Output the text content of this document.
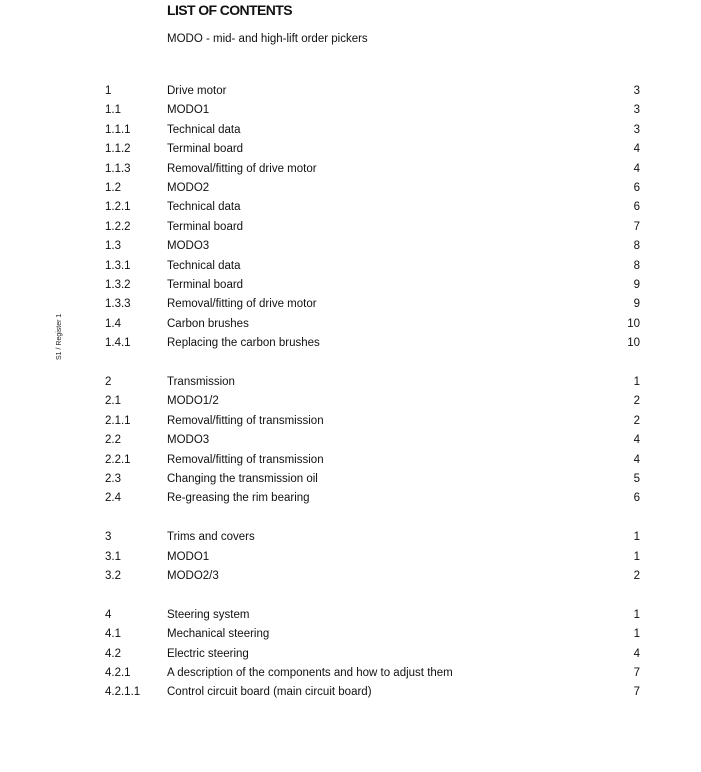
LIST OF CONTENTS
MODO - mid- and high-lift order pickers
S1 / Register 1
1	Drive motor	3
1.1	MODO1	3
1.1.1	Technical data	3
1.1.2	Terminal board	4
1.1.3	Removal/fitting of drive motor	4
1.2	MODO2	6
1.2.1	Technical data	6
1.2.2	Terminal board	7
1.3	MODO3	8
1.3.1	Technical data	8
1.3.2	Terminal board	9
1.3.3	Removal/fitting of drive motor	9
1.4	Carbon brushes	10
1.4.1	Replacing the carbon brushes	10
2	Transmission	1
2.1	MODO1/2	2
2.1.1	Removal/fitting of transmission	2
2.2	MODO3	4
2.2.1	Removal/fitting of transmission	4
2.3	Changing the transmission oil	5
2.4	Re-greasing the rim bearing	6
3	Trims and covers	1
3.1	MODO1	1
3.2	MODO2/3	2
4	Steering system	1
4.1	Mechanical steering	1
4.2	Electric steering	4
4.2.1	A description of the components and how to adjust them	7
4.2.1.1 Control circuit board (main circuit board)	7
